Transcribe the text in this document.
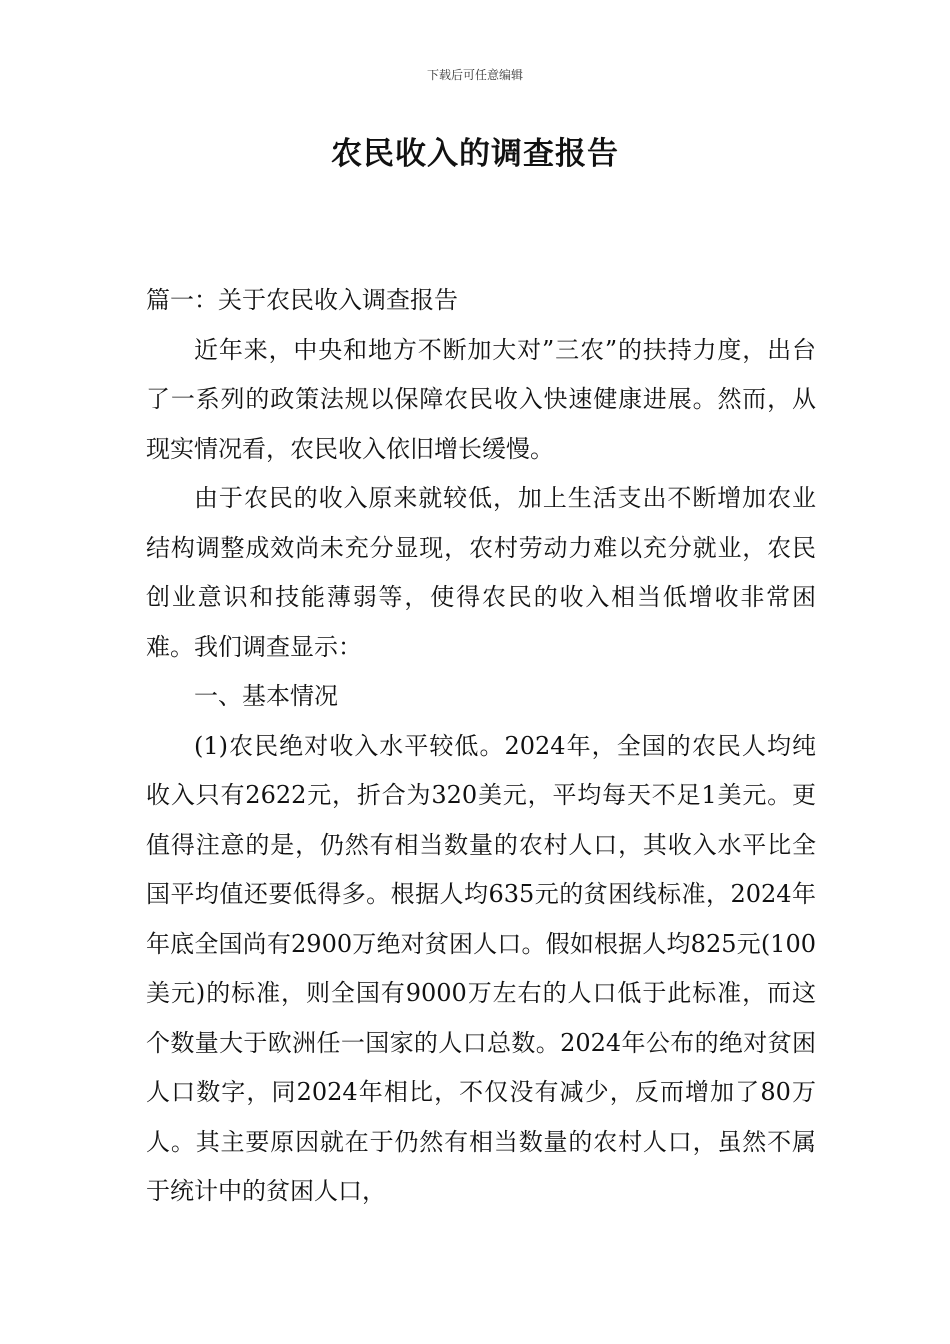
下载后可任意编辑
农民收入的调查报告

篇一：关于农民收入调查报告

近年来，中央和地方不断加大对”三农”的扶持力度，出台了一系列的政策法规以保障农民收入快速健康进展。然而，从现实情况看，农民收入依旧增长缓慢。

由于农民的收入原来就较低，加上生活支出不断增加农业结构调整成效尚未充分显现，农村劳动力难以充分就业，农民创业意识和技能薄弱等，使得农民的收入相当低增收非常困难。我们调查显示：

一、基本情况

(1)农民绝对收入水平较低。2024年，全国的农民人均纯收入只有2622元，折合为320美元，平均每天不足1美元。更值得注意的是，仍然有相当数量的农村人口，其收入水平比全国平均值还要低得多。根据人均635元的贫困线标准，2024年年底全国尚有2900万绝对贫困人口。假如根据人均825元(100美元)的标准，则全国有9000万左右的人口低于此标准，而这个数量大于欧洲任一国家的人口总数。2024年公布的绝对贫困人口数字，同2024年相比，不仅没有减少，反而增加了80万人。其主要原因就在于仍然有相当数量的农村人口，虽然不属于统计中的贫困人口，
